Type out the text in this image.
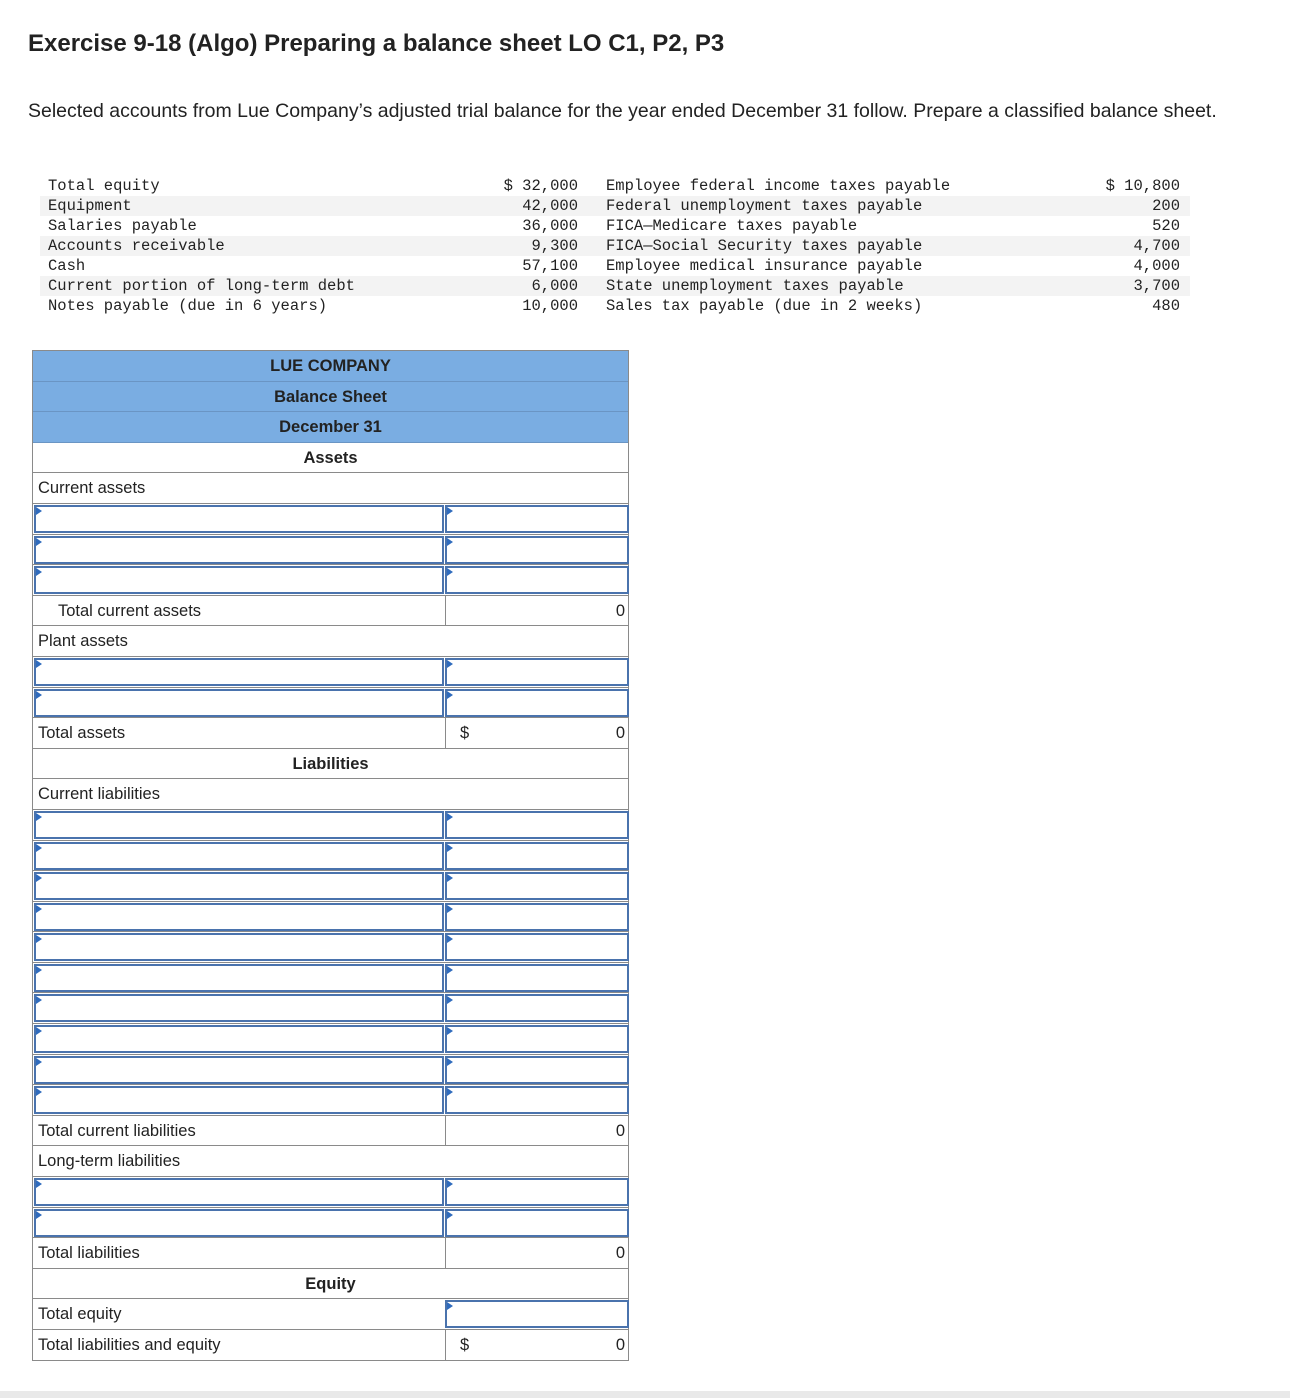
Exercise 9-18 (Algo) Preparing a balance sheet LO C1, P2, P3

Selected accounts from Lue Company’s adjusted trial balance for the year ended December 31 follow. Prepare a classified balance sheet.

Total equity	$ 32,000 Employee federal income taxes payable	$ 10,800
Equipment	42,000 Federal unemployment taxes payable	200
Salaries payable	36,000 FICA—Medicare taxes payable	520
Accounts receivable	9,300 FICA—Social Security taxes payable	4,700
Cash	57,100 Employee medical insurance payable	4,000
Current portion of long-term debt	6,000 State unemployment taxes payable	3,700
Notes payable (due in 6 years)	10,000 Sales tax payable (due in 2 weeks)	480
LUE COMPANY
Balance Sheet
December 31
Assets
Current assets
Total current assets	0
Plant assets
Total assets	$	0
Liabilities
Current liabilities
Total current liabilities	0
Long-term liabilities
Total liabilities	0
Equity
Total equity
Total liabilities and equity	$	0
